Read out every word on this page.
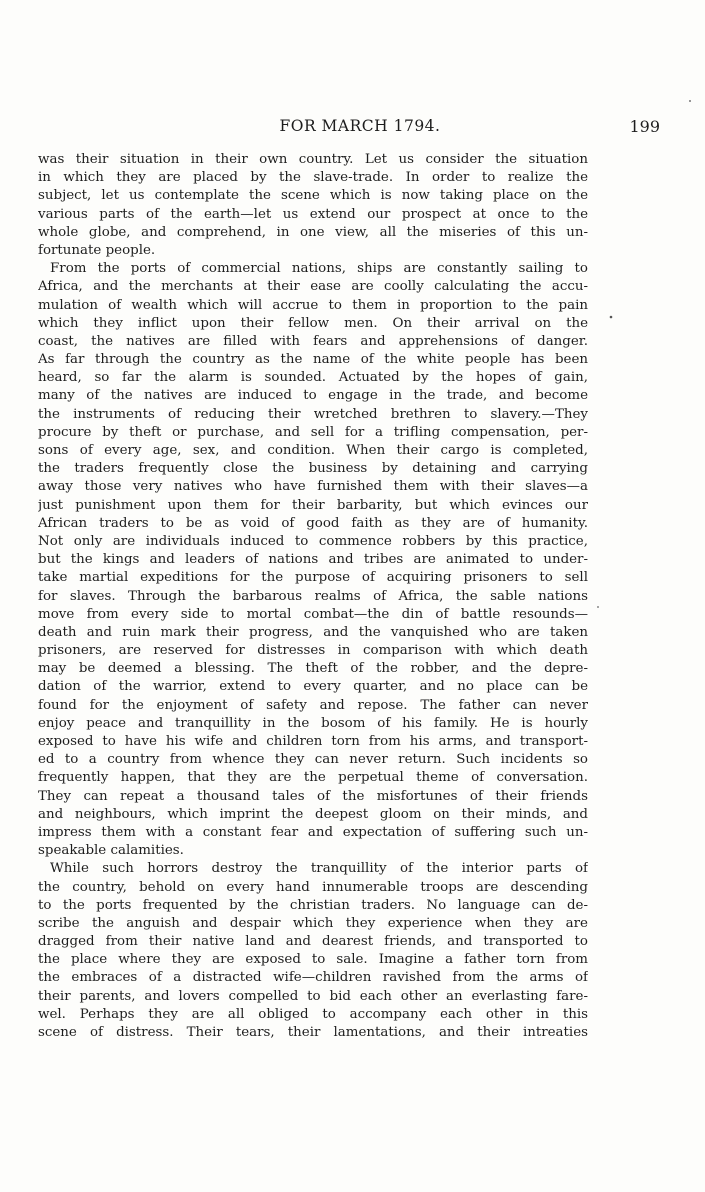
FOR MARCH 1794.	199
was their situation in their own country. Let us consider the situation
in which they are placed by the slave-trade. In order to realize the
subject, let us contemplate the scene which is now taking place on the
various parts of the earth—let us extend our prospect at once to the
whole globe, and comprehend, in one view, all the miseries of this un-
fortunate people.
From the ports of commercial nations, ships are constantly sailing to
Africa, and the merchants at their ease are coolly calculating the accu-
mulation of wealth which will accrue to them in proportion to the pain
which they inflict upon their fellow men. On their arrival on the
coast, the natives are filled with fears and apprehensions of danger.
As far through the country as the name of the white people has been
heard, so far the alarm is sounded. Actuated by the hopes of gain,
many of the natives are induced to engage in the trade, and become
the instruments of reducing their wretched brethren to slavery.—They
procure by theft or purchase, and sell for a trifling compensation, per-
sons of every age, sex, and condition. When their cargo is completed,
the traders frequently close the business by detaining and carrying
away those very natives who have furnished them with their slaves—a
just punishment upon them for their barbarity, but which evinces our
African traders to be as void of good faith as they are of humanity.
Not only are individuals induced to commence robbers by this practice,
but the kings and leaders of nations and tribes are animated to under-
take martial expeditions for the purpose of acquiring prisoners to sell
for slaves. Through the barbarous realms of Africa, the sable nations
move from every side to mortal combat—the din of battle resounds—
death and ruin mark their progress, and the vanquished who are taken
prisoners, are reserved for distresses in comparison with which death
may be deemed a blessing. The theft of the robber, and the depre-
dation of the warrior, extend to every quarter, and no place can be
found for the enjoyment of safety and repose. The father can never
enjoy peace and tranquillity in the bosom of his family. He is hourly
exposed to have his wife and children torn from his arms, and transport-
ed to a country from whence they can never return. Such incidents so
frequently happen, that they are the perpetual theme of conversation.
They can repeat a thousand tales of the misfortunes of their friends
and neighbours, which imprint the deepest gloom on their minds, and
impress them with a constant fear and expectation of suffering such un-
speakable calamities.
While such horrors destroy the tranquillity of the interior parts of
the country, behold on every hand innumerable troops are descending
to the ports frequented by the christian traders. No language can de-
scribe the anguish and despair which they experience when they are
dragged from their native land and dearest friends, and transported to
the place where they are exposed to sale. Imagine a father torn from
the embraces of a distracted wife—children ravished from the arms of
their parents, and lovers compelled to bid each other an everlasting fare-
wel. Perhaps they are all obliged to accompany each other in this
scene of distress. Their tears, their lamentations, and their intreaties
